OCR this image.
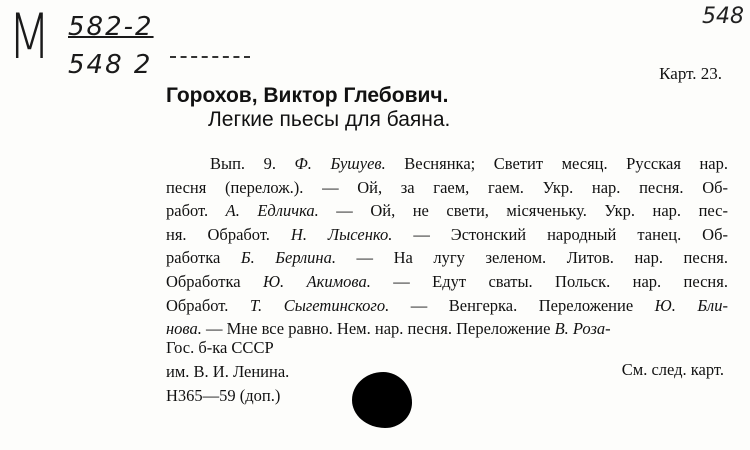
М 582-2
548 2
548
Карт. 23.
Горохов, Виктор Глебович.
Легкие пьесы для баяна.
Вып. 9. Ф. Бушуев. Веснянка; Светит месяц. Русская нар.
песня (перелож.). — Ой, за гаем, гаем. Укр. нар. песня. Об-
работ. А. Едличка. — Ой, не свети, місяченьку. Укр. нар. пес-
ня. Обработ. Н. Лысенко. — Эстонский народный танец. Об-
работка Б. Берлина. — На лугу зеленом. Литов. нар. песня.
Обработка Ю. Акимова. — Едут сваты. Польск. нар. песня.
Обработ. Т. Сыгетинского. — Венгерка. Переложение Ю. Бли-
нова. — Мне все равно. Нем. нар. песня. Переложение В. Роза-
Гос. б-ка СССР
им. В. И. Ленина.
Н365—59 (доп.)
См. след. карт.
